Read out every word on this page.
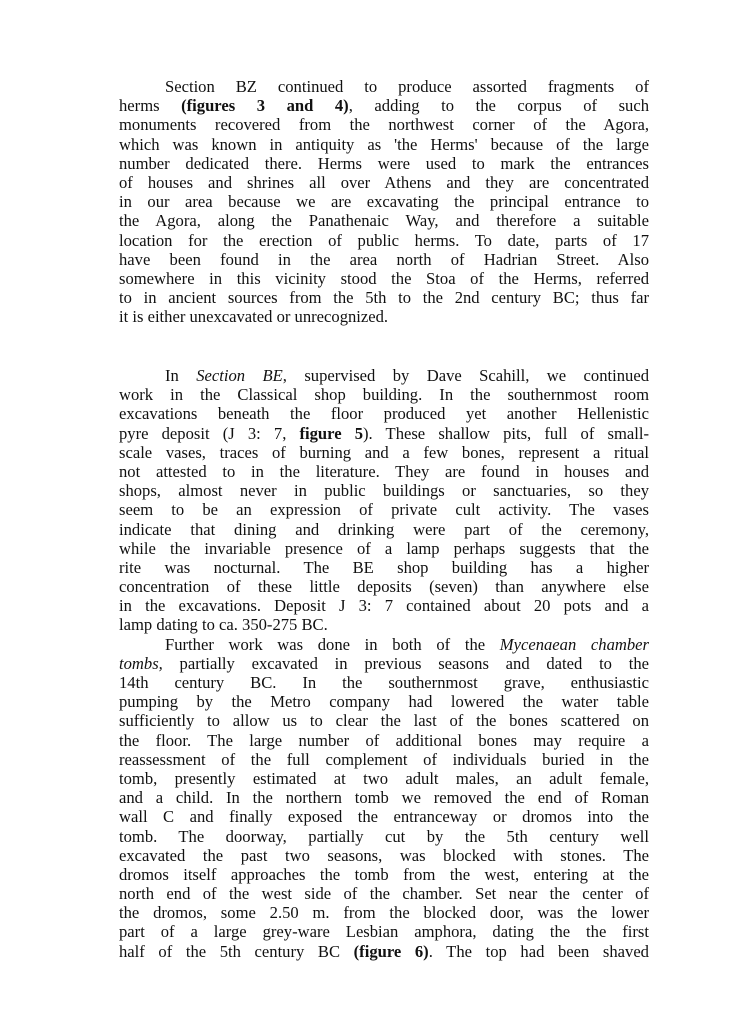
Section BZ continued to produce assorted fragments of
herms (figures 3 and 4), adding to the corpus of such
monuments recovered from the northwest corner of the Agora,
which was known in antiquity as 'the Herms' because of the large
number dedicated there. Herms were used to mark the entrances
of houses and shrines all over Athens and they are concentrated
in our area because we are excavating the principal entrance to
the Agora, along the Panathenaic Way, and therefore a suitable
location for the erection of public herms. To date, parts of 17
have been found in the area north of Hadrian Street. Also
somewhere in this vicinity stood the Stoa of the Herms, referred
to in ancient sources from the 5th to the 2nd century BC; thus far
it is either unexcavated or unrecognized.
In Section BE, supervised by Dave Scahill, we continued
work in the Classical shop building. In the southernmost room
excavations beneath the floor produced yet another Hellenistic
pyre deposit (J 3: 7, figure 5). These shallow pits, full of small-
scale vases, traces of burning and a few bones, represent a ritual
not attested to in the literature. They are found in houses and
shops, almost never in public buildings or sanctuaries, so they
seem to be an expression of private cult activity. The vases
indicate that dining and drinking were part of the ceremony,
while the invariable presence of a lamp perhaps suggests that the
rite was nocturnal. The BE shop building has a higher
concentration of these little deposits (seven) than anywhere else
in the excavations. Deposit J 3: 7 contained about 20 pots and a
lamp dating to ca. 350-275 BC.
Further work was done in both of the Mycenaean chamber
tombs, partially excavated in previous seasons and dated to the
14th century BC. In the southernmost grave, enthusiastic
pumping by the Metro company had lowered the water table
sufficiently to allow us to clear the last of the bones scattered on
the floor. The large number of additional bones may require a
reassessment of the full complement of individuals buried in the
tomb, presently estimated at two adult males, an adult female,
and a child. In the northern tomb we removed the end of Roman
wall C and finally exposed the entranceway or dromos into the
tomb. The doorway, partially cut by the 5th century well
excavated the past two seasons, was blocked with stones. The
dromos itself approaches the tomb from the west, entering at the
north end of the west side of the chamber. Set near the center of
the dromos, some 2.50 m. from the blocked door, was the lower
part of a large grey-ware Lesbian amphora, dating the the first
half of the 5th century BC (figure 6). The top had been shaved
